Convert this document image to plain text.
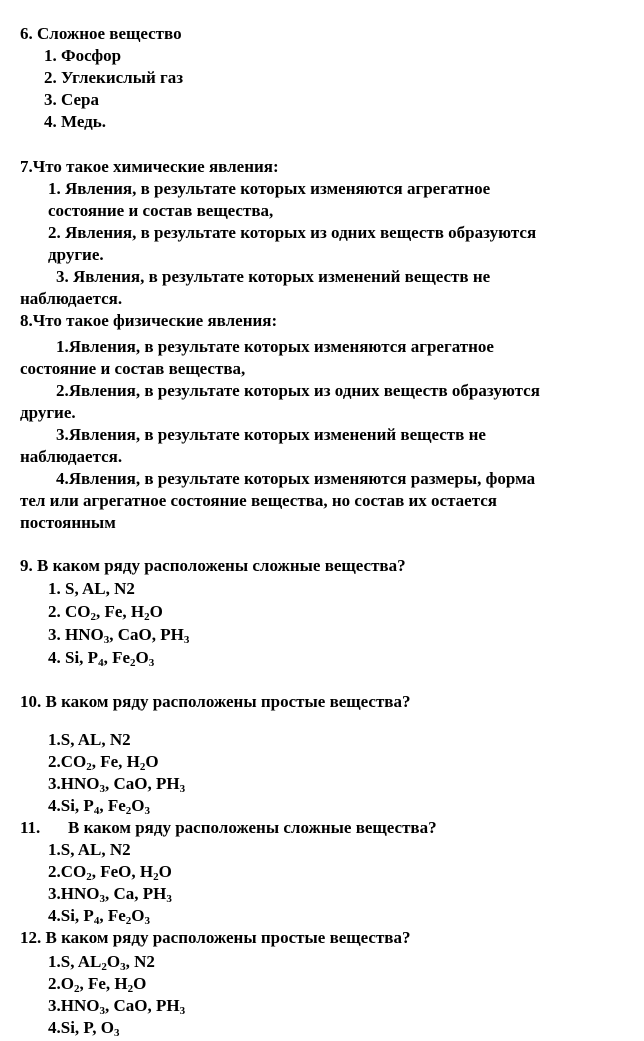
6. Сложное вещество
1. Фосфор
2. Углекислый газ
3. Сера
4. Медь.
7.Что такое химические явления:
1. Явления, в результате которых изменяются агрегатное
состояние и состав вещества,
2. Явления, в результате которых из одних веществ образуются
другие.
3. Явления, в результате которых изменений веществ не
наблюдается.
8.Что такое физические явления:
1.Явления, в результате которых изменяются агрегатное
состояние и состав вещества,
2.Явления, в результате которых из одних веществ образуются
другие.
3.Явления, в результате которых изменений веществ не
наблюдается.
4.Явления, в результате которых изменяются размеры, форма
тел или агрегатное состояние вещества, но состав их остается
постоянным
9. В каком ряду расположены сложные вещества?
1. S, AL, N2
2. $CO_2$, Fe, $H_2O$
3. $HNO_3$, CaO, $PH_3$
4. Si, $P_4$, $Fe_2O_3$
10. В каком ряду расположены простые вещества?
1.S, AL, N2
$2.CO_2$, Fe, $H_2O$
$3.HNO_3$, CaO, $PH_3$
4.Si, $P_4$, $Fe_2O_3$
11. В каком ряду расположены сложные вещества?
1.S, AL, N2
$2.CO_2$, FeO, $H_2O$
$3.HNO_3$, Ca, $PH_3$
4.Si, $P_4$, $Fe_2O_3$
12. В каком ряду расположены простые вещества?
1.S, $AL_2O_3$, N2
$2.O_2$, Fe, $H_2O$
$3.HNO_3$, CaO, $PH_3$
4.Si, P, $O_3$
